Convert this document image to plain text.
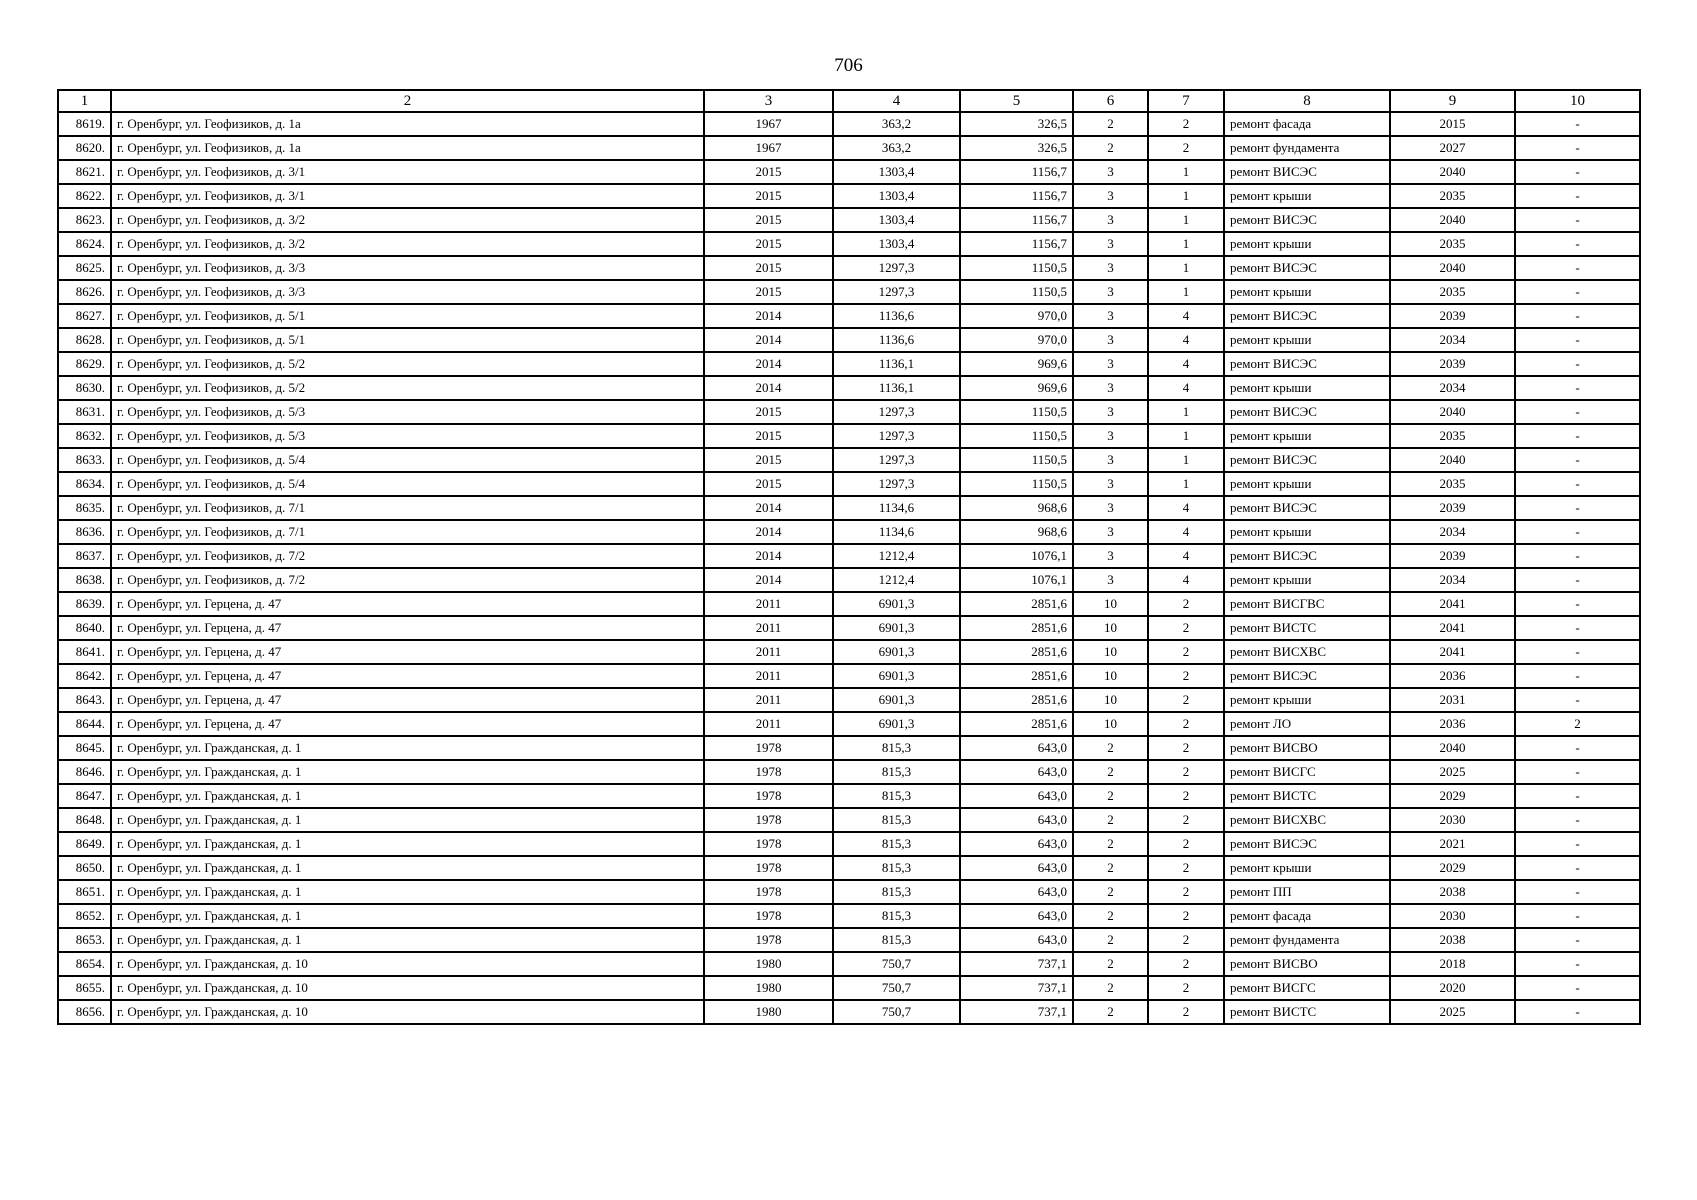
706
1	2	3	4	5	6	7	8	9	10
8619.	г. Оренбург, ул. Геофизиков, д. 1а	1967	363,2	326,5	2	2	ремонт фасада	2015	-
8620.	г. Оренбург, ул. Геофизиков, д. 1а	1967	363,2	326,5	2	2	ремонт фундамента	2027	-
8621.	г. Оренбург, ул. Геофизиков, д. 3/1	2015	1303,4	1156,7	3	1	ремонт ВИСЭС	2040	-
8622.	г. Оренбург, ул. Геофизиков, д. 3/1	2015	1303,4	1156,7	3	1	ремонт крыши	2035	-
8623.	г. Оренбург, ул. Геофизиков, д. 3/2	2015	1303,4	1156,7	3	1	ремонт ВИСЭС	2040	-
8624.	г. Оренбург, ул. Геофизиков, д. 3/2	2015	1303,4	1156,7	3	1	ремонт крыши	2035	-
8625.	г. Оренбург, ул. Геофизиков, д. 3/3	2015	1297,3	1150,5	3	1	ремонт ВИСЭС	2040	-
8626.	г. Оренбург, ул. Геофизиков, д. 3/3	2015	1297,3	1150,5	3	1	ремонт крыши	2035	-
8627.	г. Оренбург, ул. Геофизиков, д. 5/1	2014	1136,6	970,0	3	4	ремонт ВИСЭС	2039	-
8628.	г. Оренбург, ул. Геофизиков, д. 5/1	2014	1136,6	970,0	3	4	ремонт крыши	2034	-
8629.	г. Оренбург, ул. Геофизиков, д. 5/2	2014	1136,1	969,6	3	4	ремонт ВИСЭС	2039	-
8630.	г. Оренбург, ул. Геофизиков, д. 5/2	2014	1136,1	969,6	3	4	ремонт крыши	2034	-
8631.	г. Оренбург, ул. Геофизиков, д. 5/3	2015	1297,3	1150,5	3	1	ремонт ВИСЭС	2040	-
8632.	г. Оренбург, ул. Геофизиков, д. 5/3	2015	1297,3	1150,5	3	1	ремонт крыши	2035	-
8633.	г. Оренбург, ул. Геофизиков, д. 5/4	2015	1297,3	1150,5	3	1	ремонт ВИСЭС	2040	-
8634.	г. Оренбург, ул. Геофизиков, д. 5/4	2015	1297,3	1150,5	3	1	ремонт крыши	2035	-
8635.	г. Оренбург, ул. Геофизиков, д. 7/1	2014	1134,6	968,6	3	4	ремонт ВИСЭС	2039	-
8636.	г. Оренбург, ул. Геофизиков, д. 7/1	2014	1134,6	968,6	3	4	ремонт крыши	2034	-
8637.	г. Оренбург, ул. Геофизиков, д. 7/2	2014	1212,4	1076,1	3	4	ремонт ВИСЭС	2039	-
8638.	г. Оренбург, ул. Геофизиков, д. 7/2	2014	1212,4	1076,1	3	4	ремонт крыши	2034	-
8639.	г. Оренбург, ул. Герцена, д. 47	2011	6901,3	2851,6	10	2	ремонт ВИСГВС	2041	-
8640.	г. Оренбург, ул. Герцена, д. 47	2011	6901,3	2851,6	10	2	ремонт ВИСТС	2041	-
8641.	г. Оренбург, ул. Герцена, д. 47	2011	6901,3	2851,6	10	2	ремонт ВИСХВС	2041	-
8642.	г. Оренбург, ул. Герцена, д. 47	2011	6901,3	2851,6	10	2	ремонт ВИСЭС	2036	-
8643.	г. Оренбург, ул. Герцена, д. 47	2011	6901,3	2851,6	10	2	ремонт крыши	2031	-
8644.	г. Оренбург, ул. Герцена, д. 47	2011	6901,3	2851,6	10	2	ремонт ЛО	2036	2
8645.	г. Оренбург, ул. Гражданская, д. 1	1978	815,3	643,0	2	2	ремонт ВИСВО	2040	-
8646.	г. Оренбург, ул. Гражданская, д. 1	1978	815,3	643,0	2	2	ремонт ВИСГС	2025	-
8647.	г. Оренбург, ул. Гражданская, д. 1	1978	815,3	643,0	2	2	ремонт ВИСТС	2029	-
8648.	г. Оренбург, ул. Гражданская, д. 1	1978	815,3	643,0	2	2	ремонт ВИСХВС	2030	-
8649.	г. Оренбург, ул. Гражданская, д. 1	1978	815,3	643,0	2	2	ремонт ВИСЭС	2021	-
8650.	г. Оренбург, ул. Гражданская, д. 1	1978	815,3	643,0	2	2	ремонт крыши	2029	-
8651.	г. Оренбург, ул. Гражданская, д. 1	1978	815,3	643,0	2	2	ремонт ПП	2038	-
8652.	г. Оренбург, ул. Гражданская, д. 1	1978	815,3	643,0	2	2	ремонт фасада	2030	-
8653.	г. Оренбург, ул. Гражданская, д. 1	1978	815,3	643,0	2	2	ремонт фундамента	2038	-
8654.	г. Оренбург, ул. Гражданская, д. 10	1980	750,7	737,1	2	2	ремонт ВИСВО	2018	-
8655.	г. Оренбург, ул. Гражданская, д. 10	1980	750,7	737,1	2	2	ремонт ВИСГС	2020	-
8656.	г. Оренбург, ул. Гражданская, д. 10	1980	750,7	737,1	2	2	ремонт ВИСТС	2025	-
